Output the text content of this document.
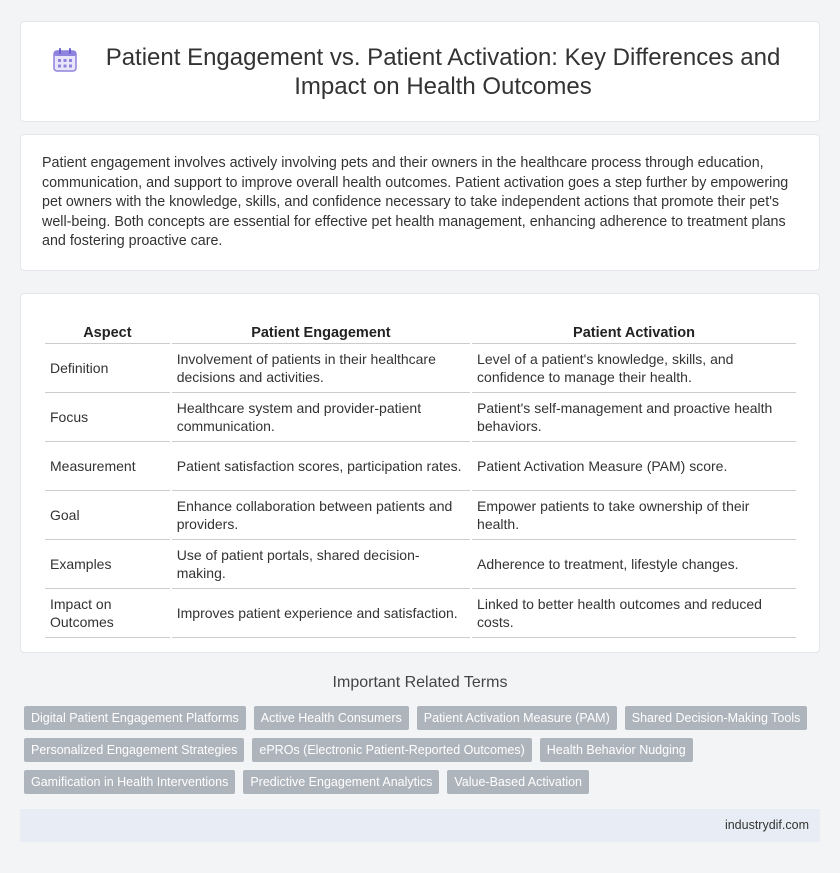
Patient Engagement vs. Patient Activation: Key Differences and Impact on Health Outcomes

Patient engagement involves actively involving pets and their owners in the healthcare process through education, communication, and support to improve overall health outcomes. Patient activation goes a step further by empowering pet owners with the knowledge, skills, and confidence necessary to take independent actions that promote their pet's well-being. Both concepts are essential for effective pet health management, enhancing adherence to treatment plans and fostering proactive care.

Aspect	Patient Engagement	Patient Activation
Definition	Involvement of patients in their healthcare decisions and activities.	Level of a patient's knowledge, skills, and confidence to manage their health.
Focus	Healthcare system and provider-patient communication.	Patient's self-management and proactive health behaviors.
Measurement	Patient satisfaction scores, participation rates.	Patient Activation Measure (PAM) score.
Goal	Enhance collaboration between patients and providers.	Empower patients to take ownership of their health.
Examples	Use of patient portals, shared decision-making.	Adherence to treatment, lifestyle changes.
Impact on Outcomes	Improves patient experience and satisfaction.	Linked to better health outcomes and reduced costs.
Important Related Terms
Digital Patient Engagement Platforms	Active Health Consumers	Patient Activation Measure (PAM)	Shared Decision-Making Tools
Personalized Engagement Strategies	ePROs (Electronic Patient-Reported Outcomes)	Health Behavior Nudging
Gamification in Health Interventions	Predictive Engagement Analytics	Value-Based Activation
industrydif.com
